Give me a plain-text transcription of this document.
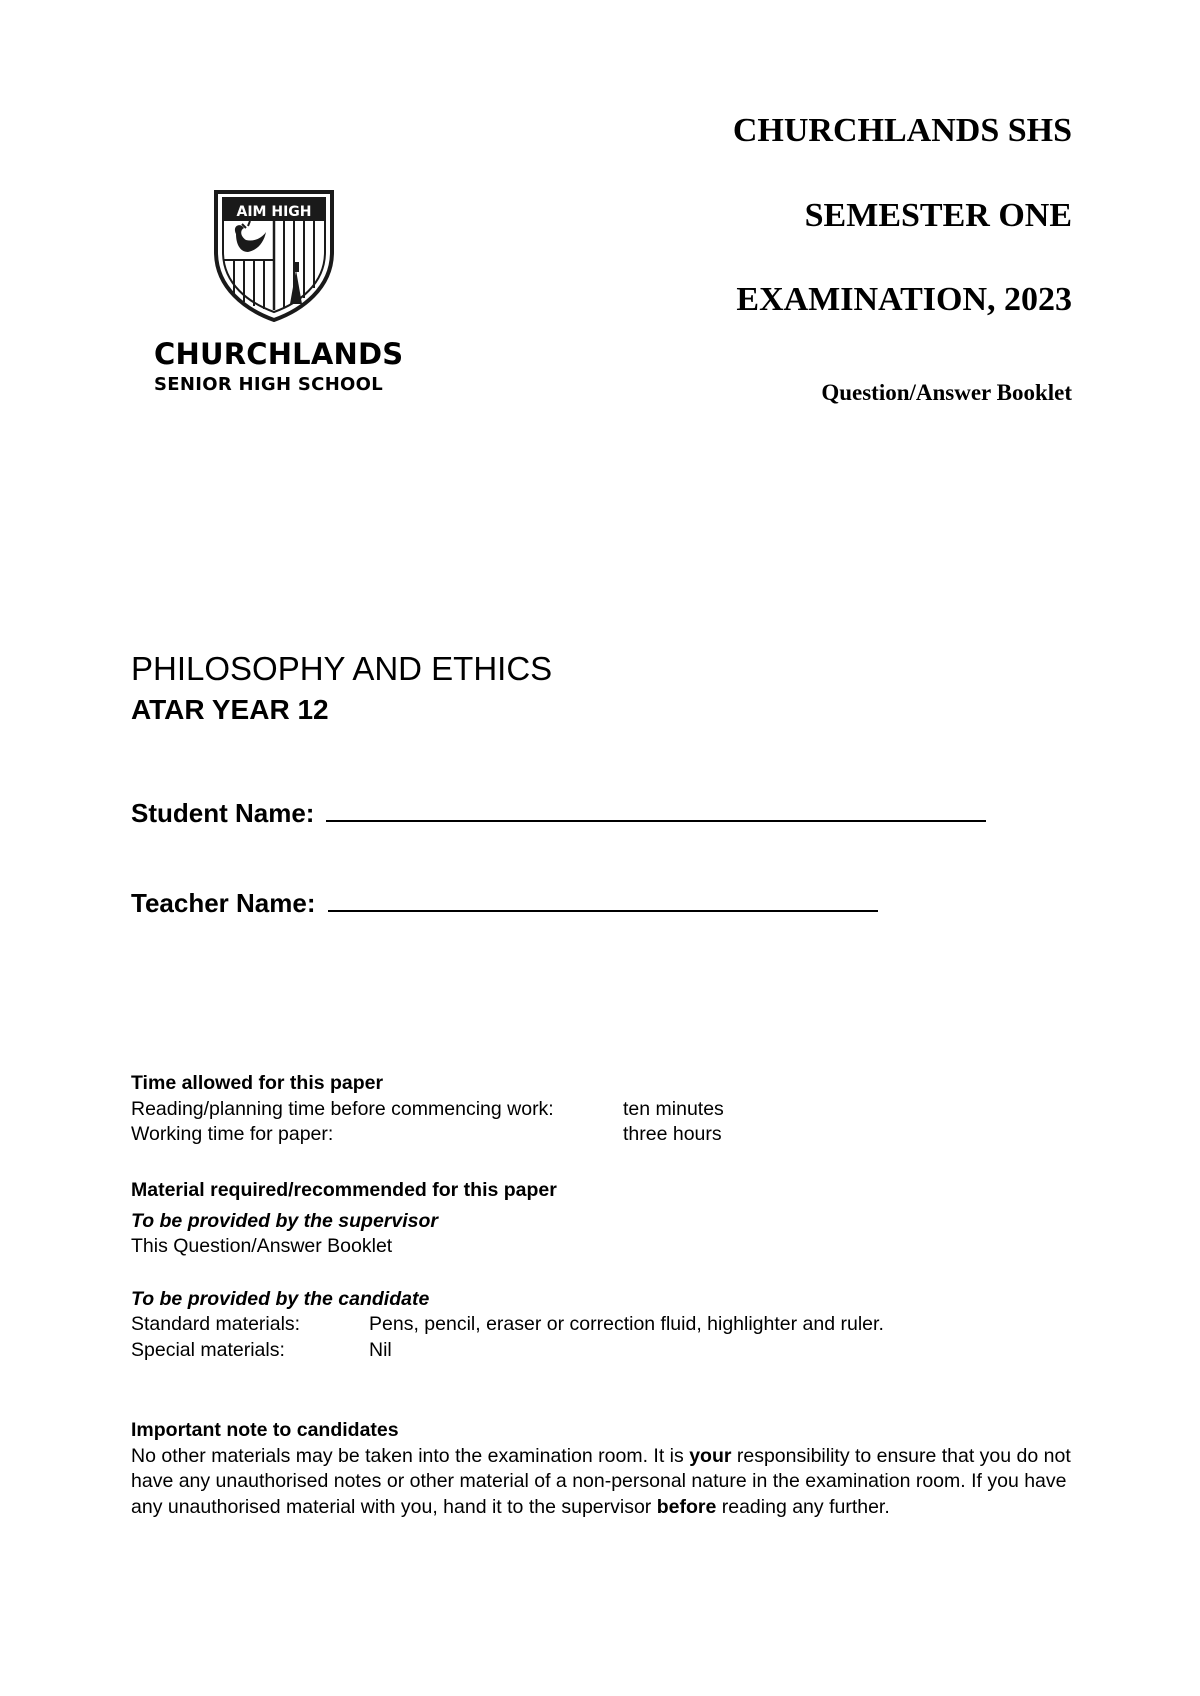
AIM HIGH
CHURCHLANDS
SENIOR HIGH SCHOOL
CHURCHLANDS SHS
SEMESTER ONE
EXAMINATION, 2023
Question/Answer Booklet
PHILOSOPHY AND ETHICS
ATAR YEAR 12
Student Name:
Teacher Name:
Time allowed for this paper
Reading/planning time before commencing work:	ten minutes
Working time for paper:	three hours
Material required/recommended for this paper
To be provided by the supervisor
This Question/Answer Booklet
To be provided by the candidate
Standard materials:	Pens, pencil, eraser or correction fluid, highlighter and ruler.
Special materials:	Nil
Important note to candidates
No other materials may be taken into the examination room. It is your responsibility to ensure that you do not have any unauthorised notes or other material of a non-personal nature in the examination room. If you have any unauthorised material with you, hand it to the supervisor before reading any further.
